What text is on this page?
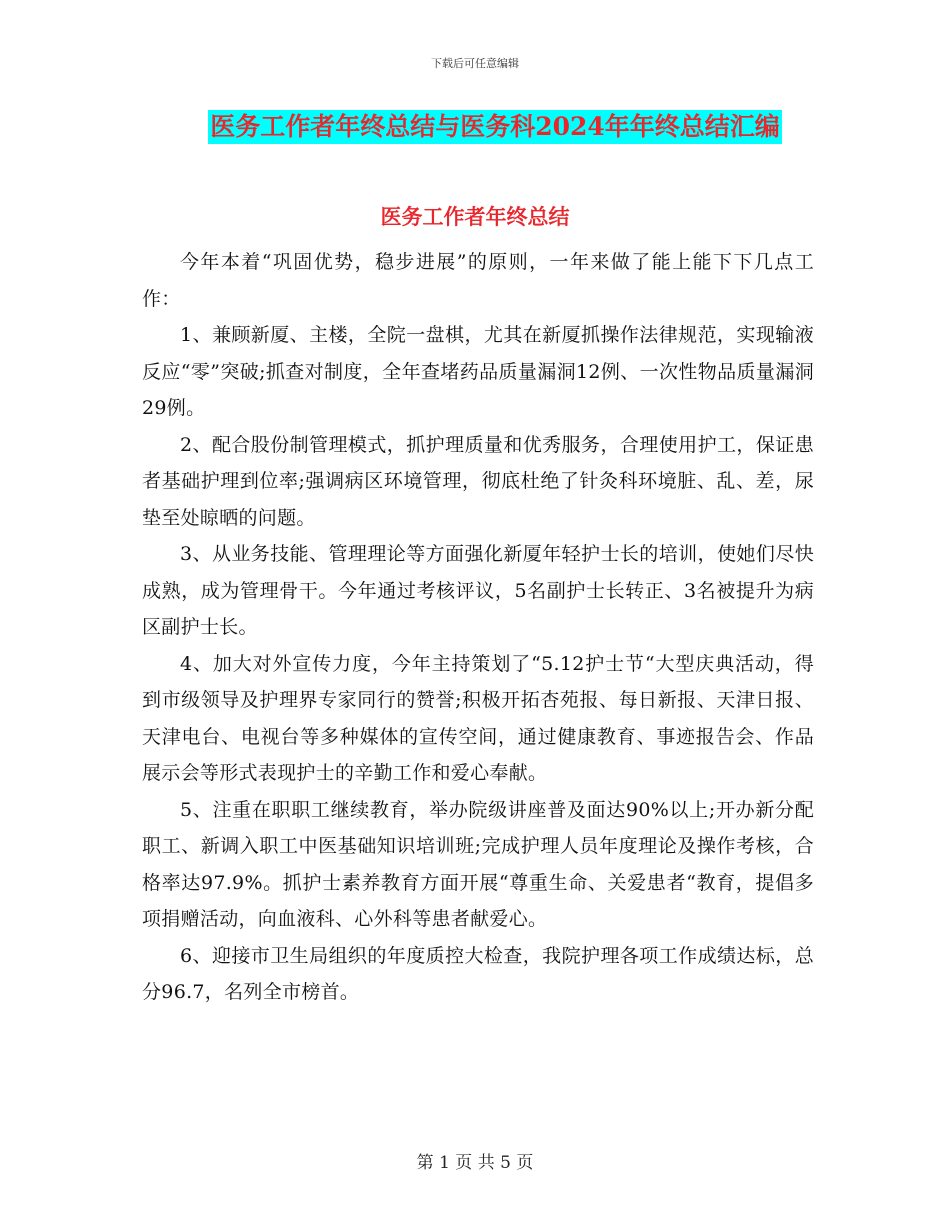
下载后可任意编辑
医务工作者年终总结与医务科2024年年终总结汇编
医务工作者年终总结

今年本着“巩固优势，稳步进展”的原则，一年来做了能上能下下几点工作：

1、兼顾新厦、主楼，全院一盘棋，尤其在新厦抓操作法律规范，实现输液反应“零”突破;抓查对制度，全年查堵药品质量漏洞12例、一次性物品质量漏洞29例。

2、配合股份制管理模式，抓护理质量和优秀服务，合理使用护工，保证患者基础护理到位率;强调病区环境管理，彻底杜绝了针灸科环境脏、乱、差，尿垫至处晾晒的问题。

3、从业务技能、管理理论等方面强化新厦年轻护士长的培训，使她们尽快成熟，成为管理骨干。今年通过考核评议，5名副护士长转正、3名被提升为病区副护士长。

4、加大对外宣传力度，今年主持策划了“5.12护士节“大型庆典活动，得到市级领导及护理界专家同行的赞誉;积极开拓杏苑报、每日新报、天津日报、天津电台、电视台等多种媒体的宣传空间，通过健康教育、事迹报告会、作品展示会等形式表现护士的辛勤工作和爱心奉献。

5、注重在职职工继续教育，举办院级讲座普及面达90%以上;开办新分配职工、新调入职工中医基础知识培训班;完成护理人员年度理论及操作考核，合格率达97.9%。抓护士素养教育方面开展“尊重生命、关爱患者“教育，提倡多项捐赠活动，向血液科、心外科等患者献爱心。

6、迎接市卫生局组织的年度质控大检查，我院护理各项工作成绩达标，总分96.7，名列全市榜首。

第 1 页 共 5 页
